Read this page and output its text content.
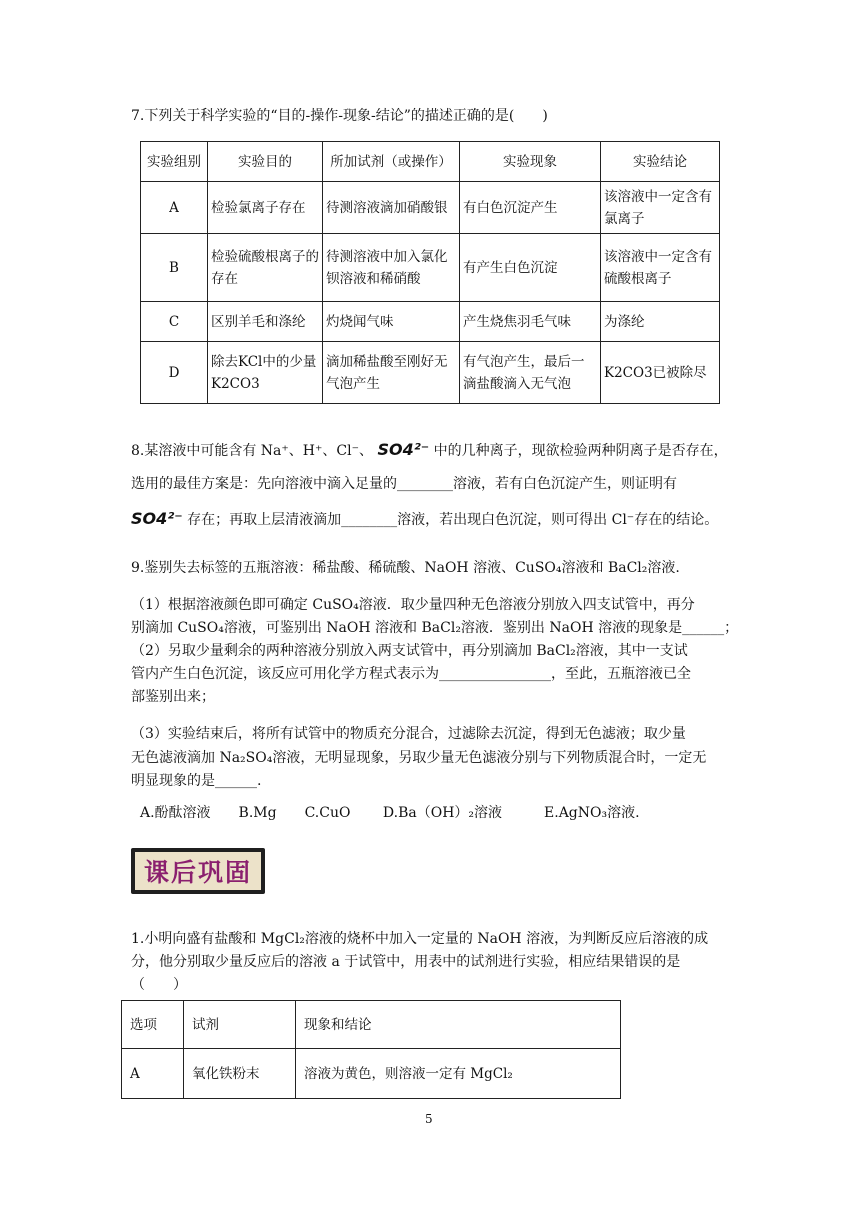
7.下列关于科学实验的“目的-操作-现象-结论”的描述正确的是(　　)
实验组别	实验目的	所加试剂（或操作）	实验现象	实验结论
A	检验氯离子存在	待测溶液滴加硝酸银	有白色沉淀产生	该溶液中一定含有氯离子
B	检验硫酸根离子的存在	待测溶液中加入氯化钡溶液和稀硝酸	有产生白色沉淀	该溶液中一定含有硫酸根离子
C	区别羊毛和涤纶	灼烧闻气味	产生烧焦羽毛气味	为涤纶
D	除去KCl中的少量K2CO3	滴加稀盐酸至刚好无气泡产生	有气泡产生，最后一滴盐酸滴入无气泡	K2CO3已被除尽
8.某溶液中可能含有 Na⁺、H⁺、Cl⁻、 SO4²⁻ 中的几种离子，现欲检验两种阴离子是否存在，
选用的最佳方案是：先向溶液中滴入足量的________溶液，若有白色沉淀产生，则证明有
SO4²⁻ 存在；再取上层清液滴加________溶液，若出现白色沉淀，则可得出 Cl⁻存在的结论。
9.鉴别失去标签的五瓶溶液：稀盐酸、稀硫酸、NaOH 溶液、CuSO₄溶液和 BaCl₂溶液.
（1）根据溶液颜色即可确定 CuSO₄溶液．取少量四种无色溶液分别放入四支试管中，再分
别滴加 CuSO₄溶液，可鉴别出 NaOH 溶液和 BaCl₂溶液．鉴别出 NaOH 溶液的现象是______；
（2）另取少量剩余的两种溶液分别放入两支试管中，再分别滴加 BaCl₂溶液，其中一支试
管内产生白色沉淀，该反应可用化学方程式表示为________________，至此，五瓶溶液已全
部鉴别出来；
（3）实验结束后，将所有试管中的物质充分混合，过滤除去沉淀，得到无色滤液；取少量
无色滤液滴加 Na₂SO₄溶液，无明显现象，另取少量无色滤液分别与下列物质混合时，一定无
明显现象的是______.
A.酚酞溶液　　B.Mg　　C.CuO　　 D.Ba（OH）₂溶液　　　E.AgNO₃溶液.
课后巩固
1.小明向盛有盐酸和 MgCl₂溶液的烧杯中加入一定量的 NaOH 溶液，为判断反应后溶液的成
分，他分别取少量反应后的溶液 a 于试管中，用表中的试剂进行实验，相应结果错误的是
（　　）
选项	试剂	现象和结论
A	氧化铁粉末	溶液为黄色，则溶液一定有 MgCl₂
5
